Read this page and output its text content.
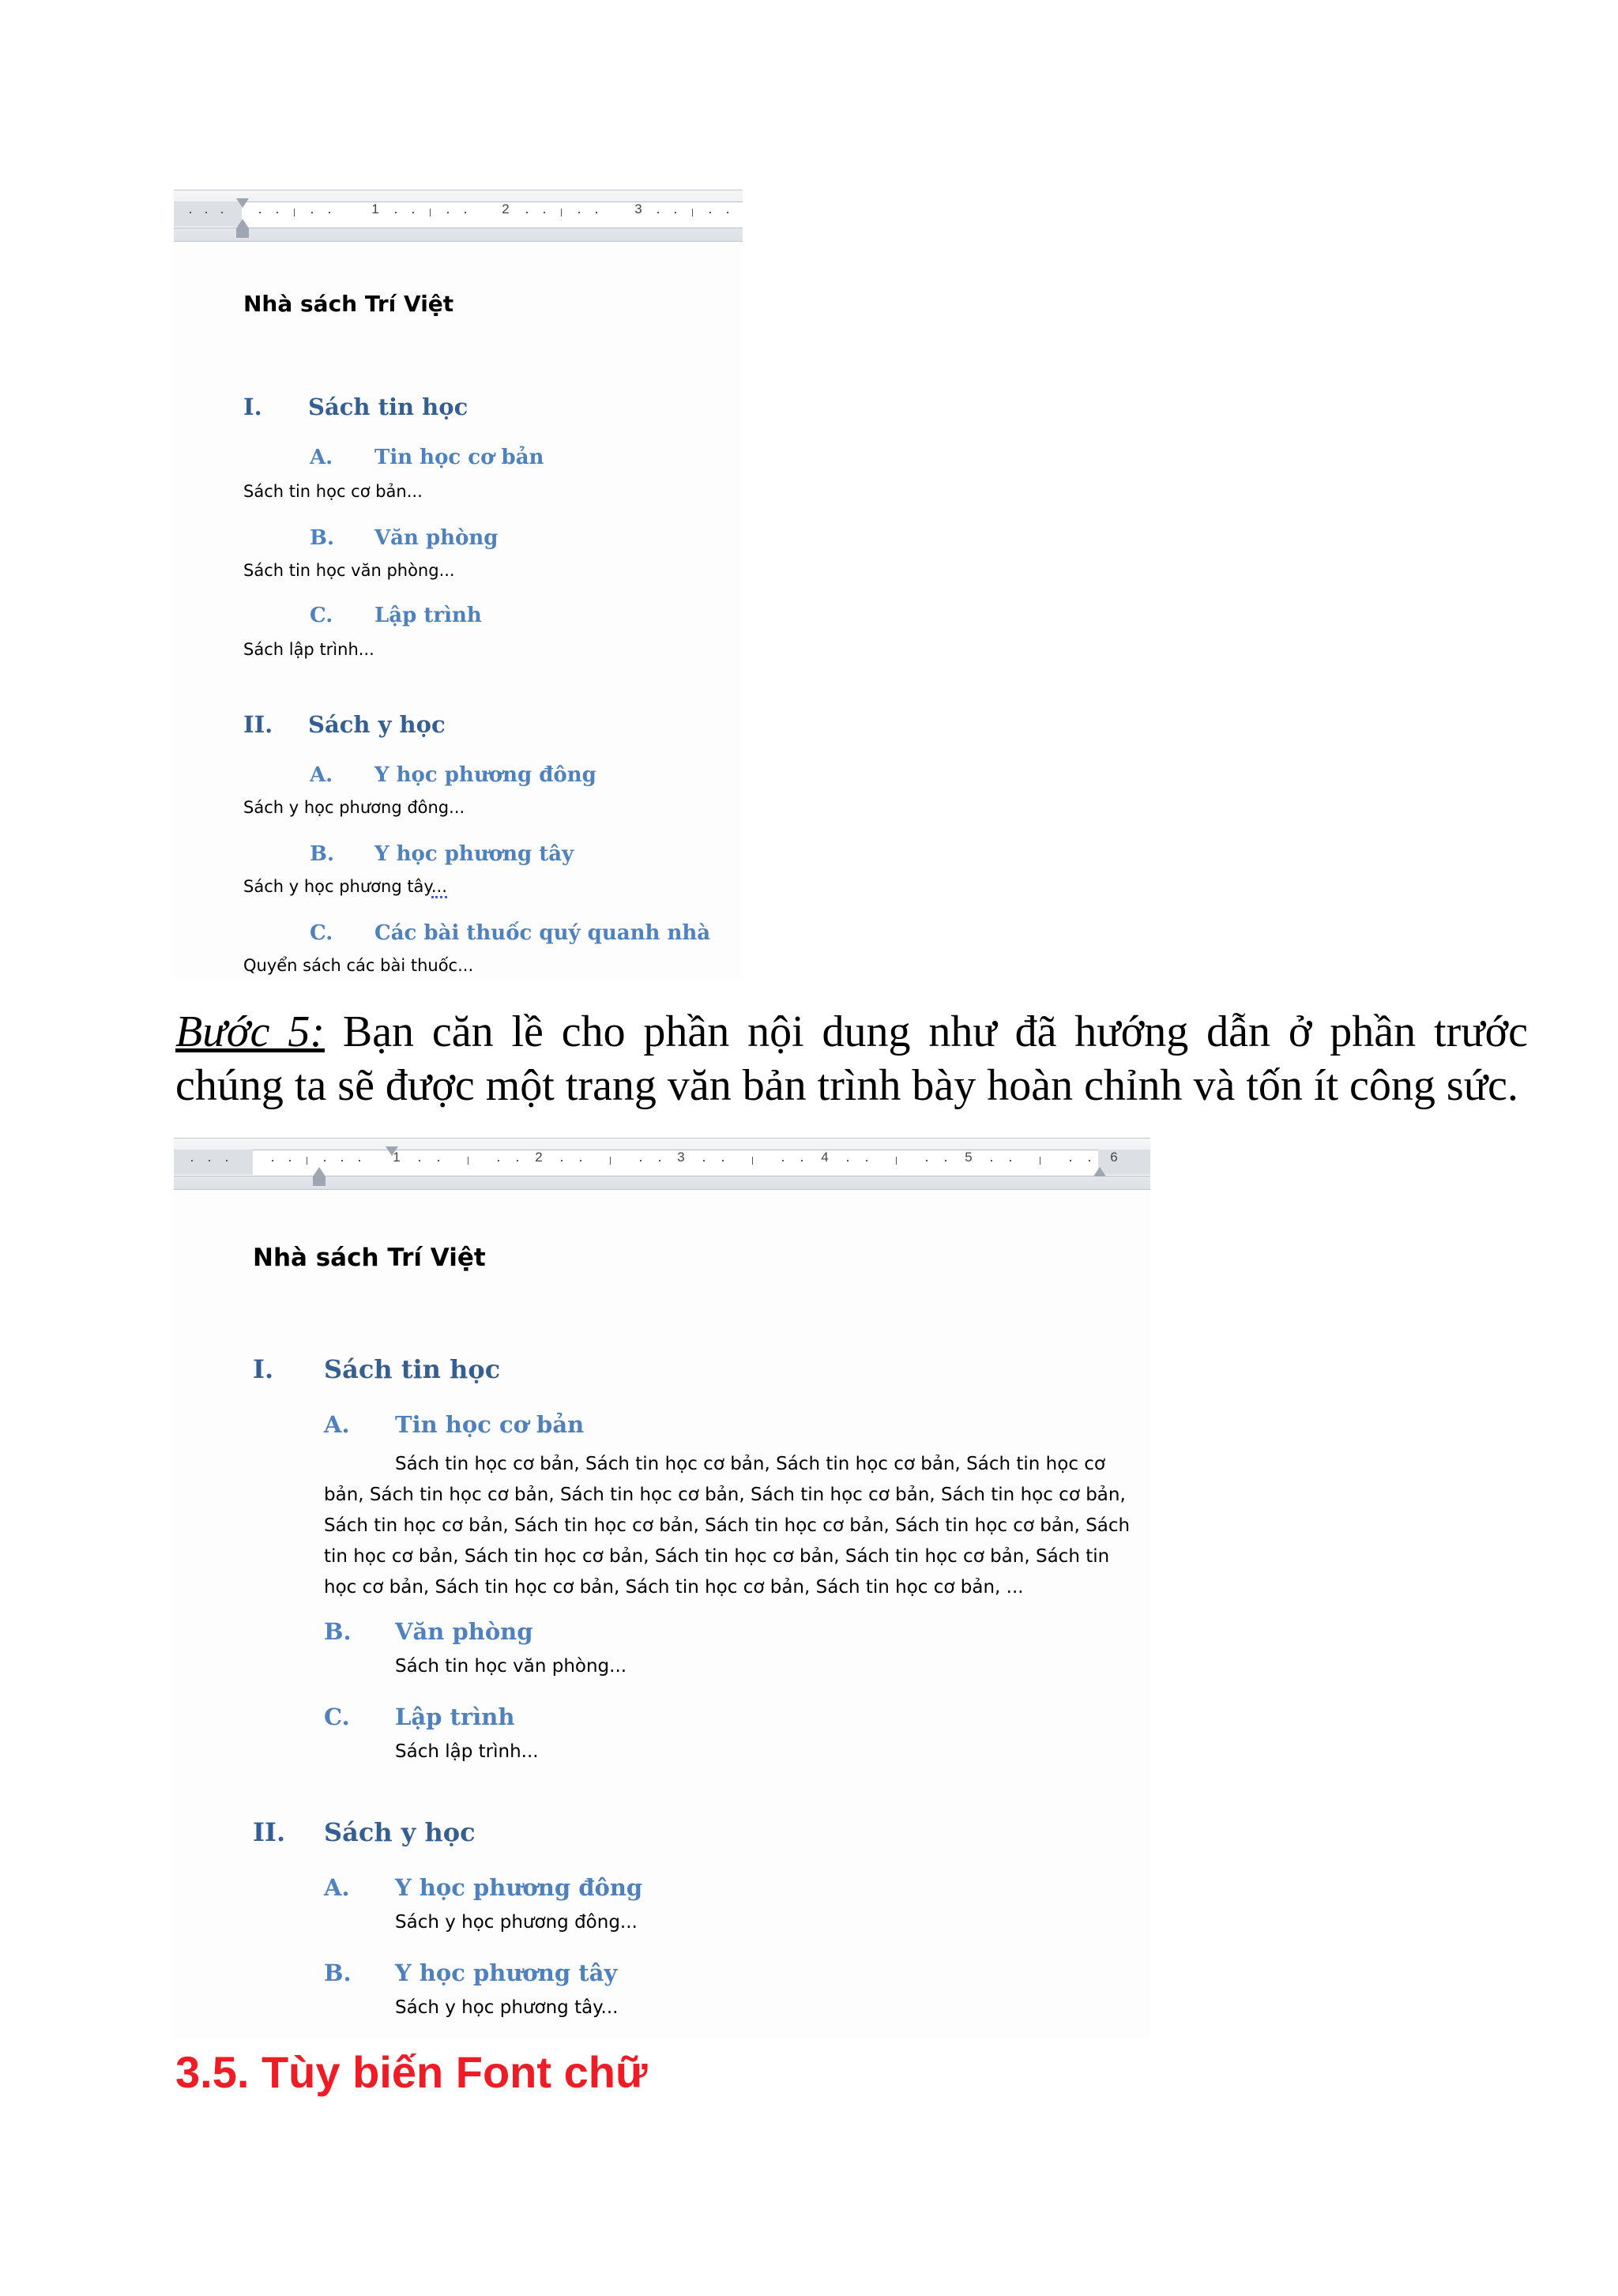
1	2	3
Nhà sách Trí Việt
I. Sách tin học
A. Tin học cơ bản
Sách tin học cơ bản...
B. Văn phòng
Sách tin học văn phòng...
C. Lập trình
Sách lập trình...
II. Sách y học
A. Y học phương đông
Sách y học phương đông...
B. Y học phương tây
Sách y học phương tây...
C. Các bài thuốc quý quanh nhà
Quyển sách các bài thuốc...
Bước 5: Bạn căn lề cho phần nội dung như đã hướng dẫn ở phần trước chúng ta sẽ được một trang văn bản trình bày hoàn chỉnh và tốn ít công sức.
1	2	3	4	5	6
Nhà sách Trí Việt
I. Sách tin học
A. Tin học cơ bản

Sách tin học cơ bản, Sách tin học cơ bản, Sách tin học cơ bản, Sách tin học cơ

bản, Sách tin học cơ bản, Sách tin học cơ bản, Sách tin học cơ bản, Sách tin học cơ bản,

Sách tin học cơ bản, Sách tin học cơ bản, Sách tin học cơ bản, Sách tin học cơ bản, Sách

tin học cơ bản, Sách tin học cơ bản, Sách tin học cơ bản, Sách tin học cơ bản, Sách tin

học cơ bản, Sách tin học cơ bản, Sách tin học cơ bản, Sách tin học cơ bản, ...

B. Văn phòng
Sách tin học văn phòng...
C. Lập trình
Sách lập trình...
II. Sách y học
A. Y học phương đông
Sách y học phương đông...
B. Y học phương tây
Sách y học phương tây...
3.5. Tùy biến Font chữ
